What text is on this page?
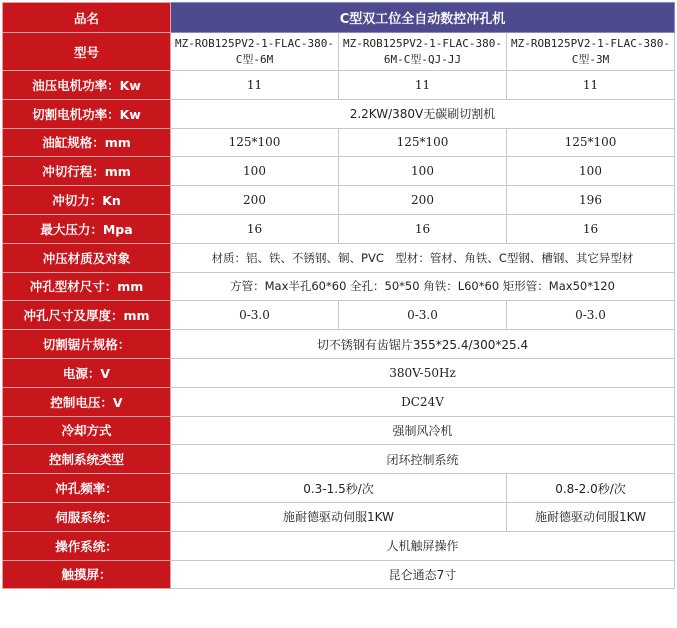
品名	C型双工位全自动数控冲孔机		
型号	MZ-ROB125PV2-1-FLAC-380-C型-6M	MZ-ROB125PV2-1-FLAC-380-6M-C型-QJ-JJ	MZ-ROB125PV2-1-FLAC-380-C型-3M
油压电机功率：Kw	11	11	11
切割电机功率：Kw	2.2KW/380V无碳刷切割机		
油缸规格：mm	125*100	125*100	125*100
冲切行程：mm	100	100	100
冲切力：Kn	200	200	196
最大压力：Mpa	16	16	16
冲压材质及对象	材质：铝、铁、不锈钢、铜、PVC　型材：管材、角铁、C型钢、槽钢、其它异型材		
冲孔型材尺寸：mm	方管：Max半孔60*60 全孔：50*50 角铁：L60*60 矩形管：Max50*120		
冲孔尺寸及厚度：mm	0-3.0	0-3.0	0-3.0
切割锯片规格：	切不锈钢有齿锯片355*25.4/300*25.4		
电源：V	380V-50Hz		
控制电压：V	DC24V		
冷却方式	强制风冷机		
控制系统类型	闭环控制系统		
冲孔频率：	0.3-1.5秒/次		0.8-2.0秒/次
伺服系统：	施耐德驱动伺服1KW		施耐德驱动伺服1KW
操作系统：	人机触屏操作		
触摸屏：	昆仑通态7寸		
